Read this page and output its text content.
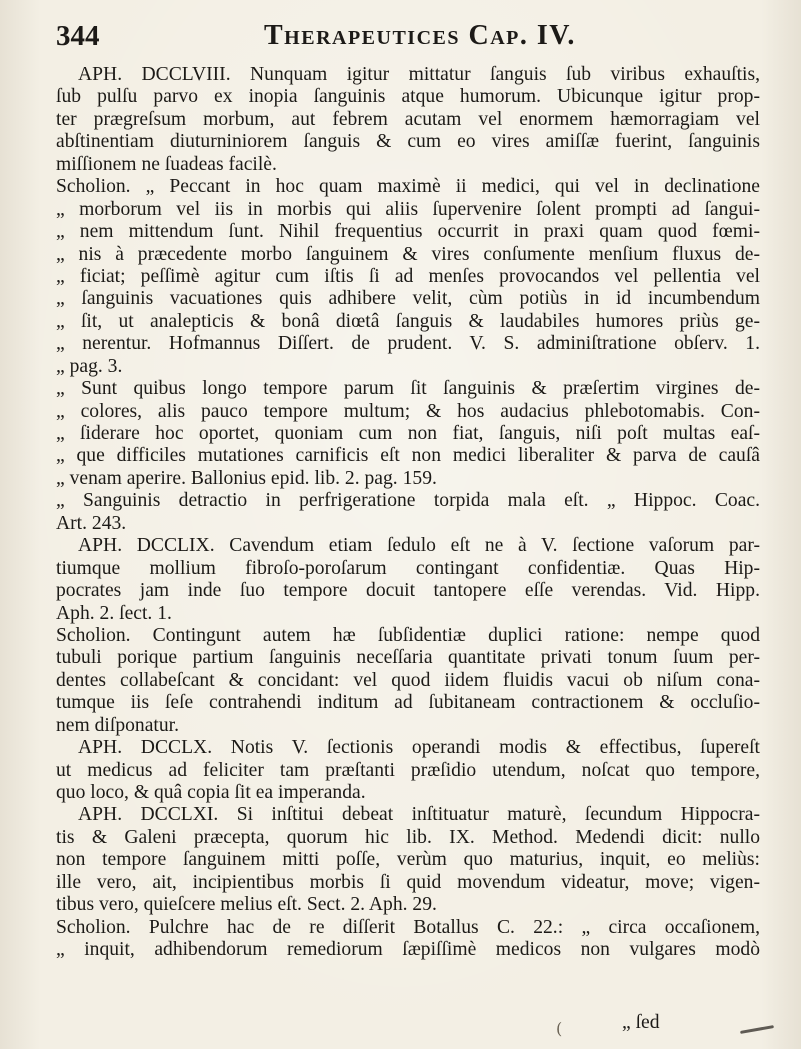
344	Therapeutices Cap. IV.
APH. DCCLVIII. Nunquam igitur mittatur ſanguis ſub viribus exhauſtis,
ſub pulſu parvo ex inopia ſanguinis atque humorum. Ubicunque igitur prop-
ter prægreſsum morbum, aut febrem acutam vel enormem hæmorragiam vel
abſtinentiam diuturniniorem ſanguis & cum eo vires amiſſæ fuerint, ſanguinis
miſſionem ne ſuadeas facilè.
Scholion. „ Peccant in hoc quam maximè ii medici, qui vel in declinatione
„ morborum vel iis in morbis qui aliis ſupervenire ſolent prompti ad ſangui-
„ nem mittendum ſunt. Nihil frequentius occurrit in praxi quam quod fœmi-
„ nis à præcedente morbo ſanguinem & vires conſumente menſium fluxus de-
„ ficiat; peſſimè agitur cum iſtis ſi ad menſes provocandos vel pellentia vel
„ ſanguinis vacuationes quis adhibere velit, cùm potiùs in id incumbendum
„ ſit, ut analepticis & bonâ diœtâ ſanguis & laudabiles humores priùs ge-
„ nerentur. Hofmannus Diſſert. de prudent. V. S. adminiſtratione obſerv. 1.
„ pag. 3.
„ Sunt quibus longo tempore parum ſit ſanguinis & præſertim virgines de-
„ colores, alis pauco tempore multum; & hos audacius phlebotomabis. Con-
„ ſiderare hoc oportet, quoniam cum non fiat, ſanguis, niſi poſt multas eaſ-
„ que difficiles mutationes carnificis eſt non medici liberaliter & parva de cauſâ
„ venam aperire. Ballonius epid. lib. 2. pag. 159.
„ Sanguinis detractio in perfrigeratione torpida mala eſt. „ Hippoc. Coac.
Art. 243.
APH. DCCLIX. Cavendum etiam ſedulo eſt ne à V. ſectione vaſorum par-
tiumque mollium fibroſo-poroſarum contingant confidentiæ. Quas Hip-
pocrates jam inde ſuo tempore docuit tantopere eſſe verendas. Vid. Hipp.
Aph. 2. ſect. 1.
Scholion. Contingunt autem hæ ſubſidentiæ duplici ratione: nempe quod
tubuli porique partium ſanguinis neceſſaria quantitate privati tonum ſuum per-
dentes collabeſcant & concidant: vel quod iidem fluidis vacui ob niſum cona-
tumque iis ſeſe contrahendi inditum ad ſubitaneam contractionem & occluſio-
nem diſponatur.
APH. DCCLX. Notis V. ſectionis operandi modis & effectibus, ſupereſt
ut medicus ad feliciter tam præſtanti præſidio utendum, noſcat quo tempore,
quo loco, & quâ copia ſit ea imperanda.
APH. DCCLXI. Si inſtitui debeat inſtituatur maturè, ſecundum Hippocra-
tis & Galeni præcepta, quorum hic lib. IX. Method. Medendi dicit: nullo
non tempore ſanguinem mitti poſſe, verùm quo maturius, inquit, eo meliùs:
ille vero, ait, incipientibus morbis ſi quid movendum videatur, move; vigen-
tibus vero, quieſcere melius eſt. Sect. 2. Aph. 29.
Scholion. Pulchre hac de re diſſerit Botallus C. 22.: „ circa occaſionem,
„ inquit, adhibendorum remediorum ſæpiſſimè medicos non vulgares modò
(	„ ſed
